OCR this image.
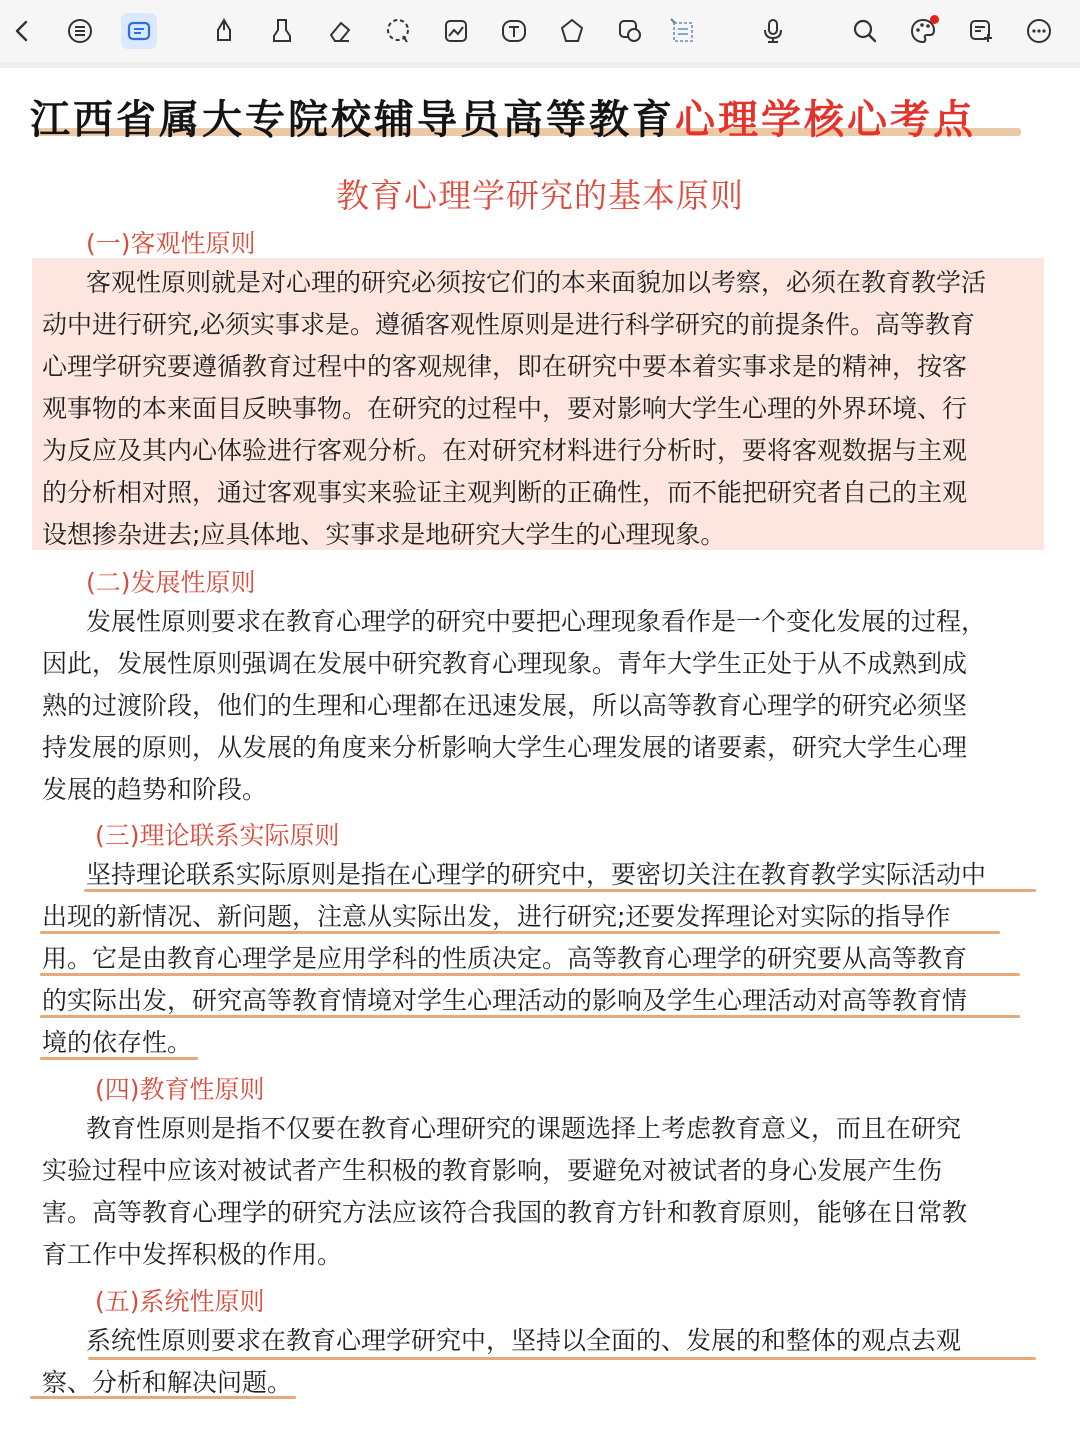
江西省属大专院校辅导员高等教育心理学核心考点
教育心理学研究的基本原则
(一)客观性原则
客观性原则就是对心理的研究必须按它们的本来面貌加以考察，必须在教育教学活
动中进行研究,必须实事求是。遵循客观性原则是进行科学研究的前提条件。高等教育
心理学研究要遵循教育过程中的客观规律，即在研究中要本着实事求是的精神，按客
观事物的本来面目反映事物。在研究的过程中，要对影响大学生心理的外界环境、行
为反应及其内心体验进行客观分析。在对研究材料进行分析时，要将客观数据与主观
的分析相对照，通过客观事实来验证主观判断的正确性，而不能把研究者自己的主观
设想掺杂进去;应具体地、实事求是地研究大学生的心理现象。
(二)发展性原则
发展性原则要求在教育心理学的研究中要把心理现象看作是一个变化发展的过程，
因此，发展性原则强调在发展中研究教育心理现象。青年大学生正处于从不成熟到成
熟的过渡阶段，他们的生理和心理都在迅速发展，所以高等教育心理学的研究必须坚
持发展的原则，从发展的角度来分析影响大学生心理发展的诸要素，研究大学生心理
发展的趋势和阶段。
(三)理论联系实际原则
坚持理论联系实际原则是指在心理学的研究中，要密切关注在教育教学实际活动中
出现的新情况、新问题，注意从实际出发，进行研究;还要发挥理论对实际的指导作
用。它是由教育心理学是应用学科的性质决定。高等教育心理学的研究要从高等教育
的实际出发，研究高等教育情境对学生心理活动的影响及学生心理活动对高等教育情
境的依存性。
(四)教育性原则
教育性原则是指不仅要在教育心理研究的课题选择上考虑教育意义，而且在研究
实验过程中应该对被试者产生积极的教育影响，要避免对被试者的身心发展产生伤
害。高等教育心理学的研究方法应该符合我国的教育方针和教育原则，能够在日常教
育工作中发挥积极的作用。
(五)系统性原则
系统性原则要求在教育心理学研究中，坚持以全面的、发展的和整体的观点去观
察、分析和解决问题。
